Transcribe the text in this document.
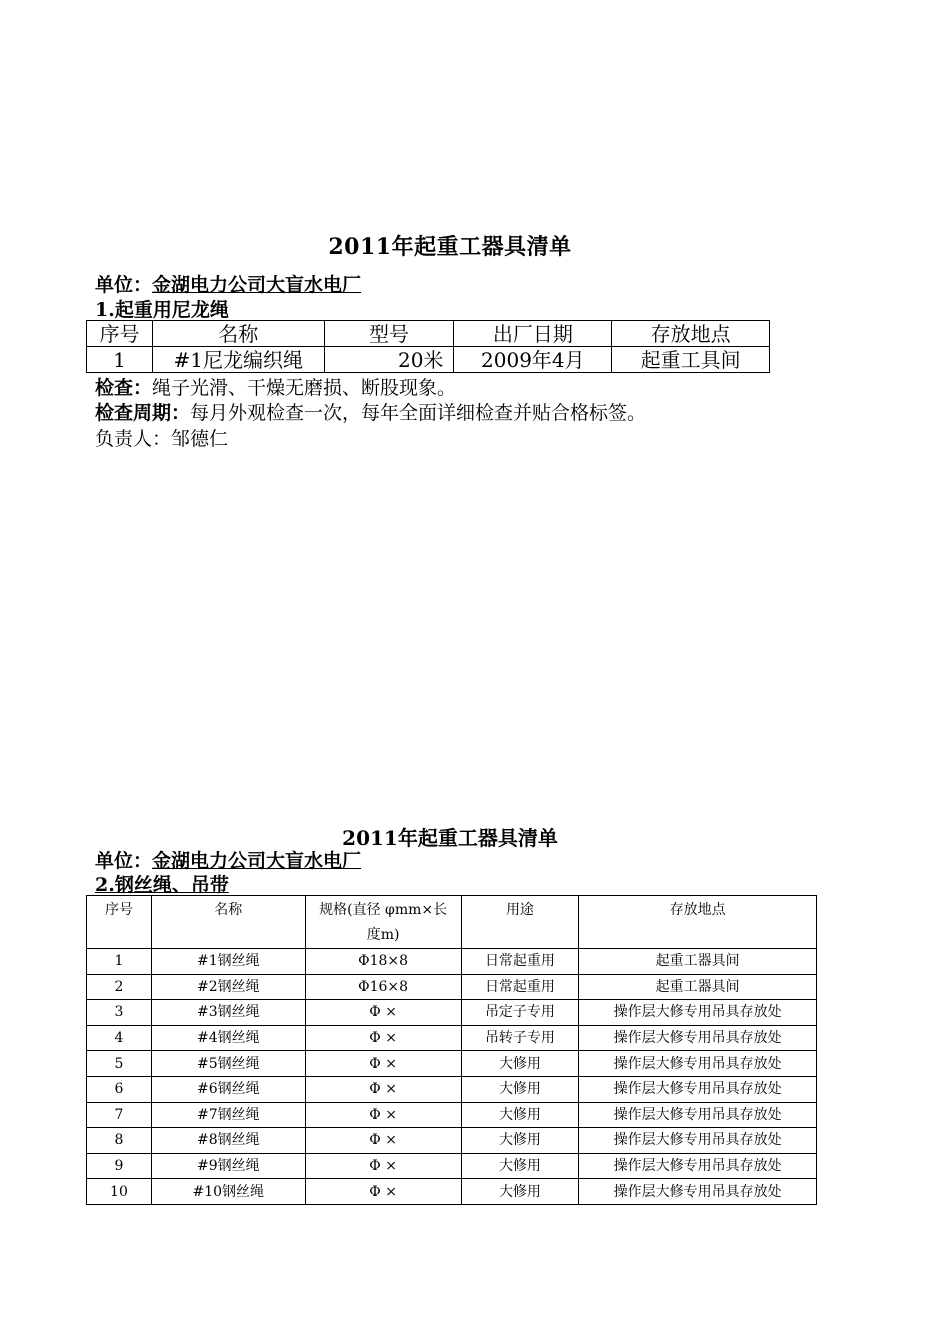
2011年起重工器具清单
单位：金湖电力公司大盲水电厂
1.起重用尼龙绳
序号	名称	型号	出厂日期	存放地点
1	#1尼龙编织绳	20米	2009年4月	起重工具间
检查：绳子光滑、干燥无磨损、断股现象。
检查周期：每月外观检查一次，每年全面详细检查并贴合格标签。
负责人：邹德仁
2011年起重工器具清单
单位：金湖电力公司大盲水电厂
2.钢丝绳、吊带
序号	名称	规格(直径 φmm×长度m)	用途	存放地点
1	#1钢丝绳	Φ18×8	日常起重用	起重工器具间
2	#2钢丝绳	Φ16×8	日常起重用	起重工器具间
3	#3钢丝绳	Φ ×	吊定子专用	操作层大修专用吊具存放处
4	#4钢丝绳	Φ ×	吊转子专用	操作层大修专用吊具存放处
5	#5钢丝绳	Φ ×	大修用	操作层大修专用吊具存放处
6	#6钢丝绳	Φ ×	大修用	操作层大修专用吊具存放处
7	#7钢丝绳	Φ ×	大修用	操作层大修专用吊具存放处
8	#8钢丝绳	Φ ×	大修用	操作层大修专用吊具存放处
9	#9钢丝绳	Φ ×	大修用	操作层大修专用吊具存放处
10	#10钢丝绳	Φ ×	大修用	操作层大修专用吊具存放处
